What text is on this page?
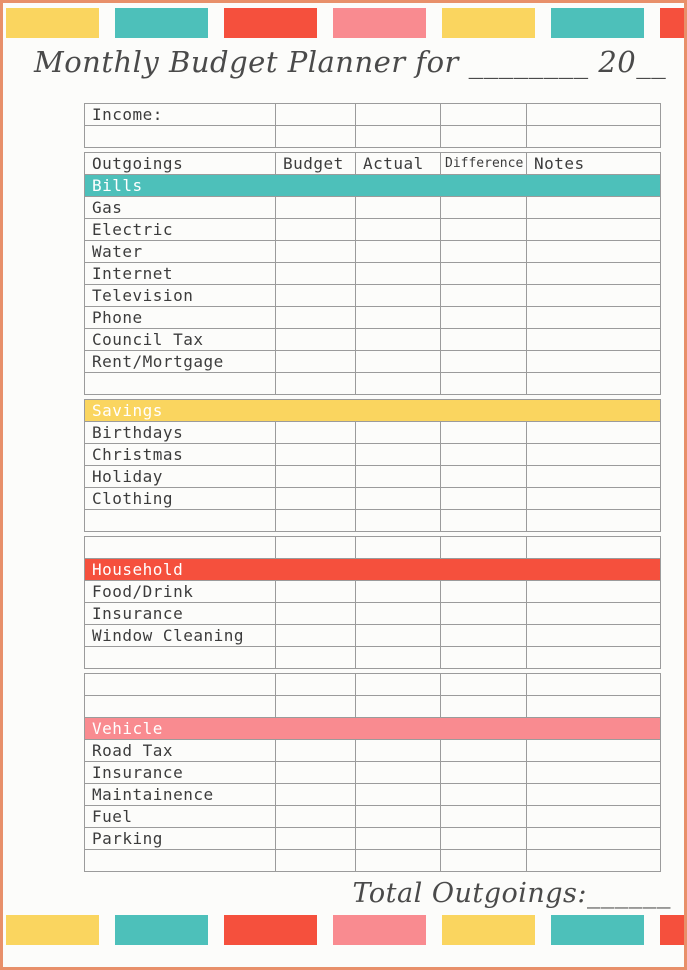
Monthly Budget Planner for ________ 20__
Income:				

Outgoings	Budget	Actual	Difference	Notes
Bills				
Gas				
Electric				
Water				
Internet				
Television				
Phone				
Council Tax				
Rent/Mortgage				

Savings				
Birthdays				
Christmas				
Holiday				
Clothing				

Household				
Food/Drink				
Insurance				
Window Cleaning				

Vehicle				
Road Tax				
Insurance				
Maintainence				
Fuel				
Parking				

Total Outgoings:______
